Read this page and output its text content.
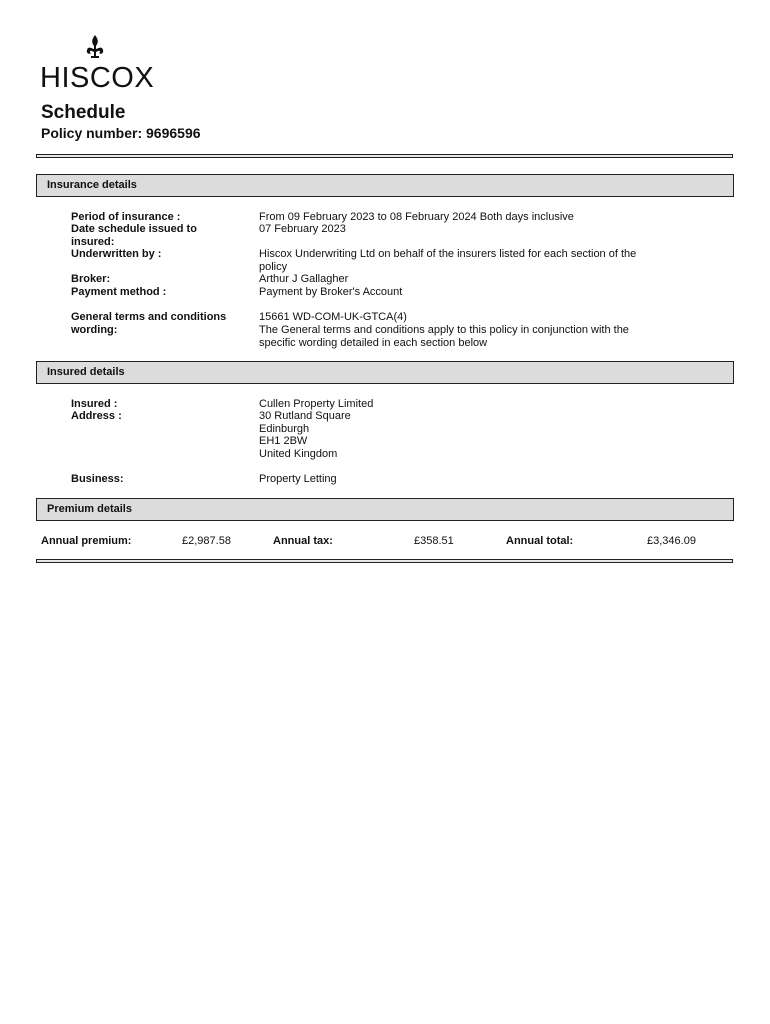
HISCOX
Schedule
Policy number: 9696596
Insurance details
Period of insurance :	From 09 February 2023 to 08 February 2024 Both days inclusive
Date schedule issued to insured:
07 February 2023
Underwritten by :	Hiscox Underwriting Ltd on behalf of the insurers listed for each section of the policy
Broker:	Arthur J Gallagher
Payment method :	Payment by Broker's Account
General terms and conditions wording:
15661 WD-COM-UK-GTCA(4)
The General terms and conditions apply to this policy in conjunction with the specific wording detailed in each section below
Insured details
Insured :	Cullen Property Limited
Address :	30 Rutland Square
Edinburgh
EH1 2BW
United Kingdom
Business:	Property Letting
Premium details
Annual premium:	£2,987.58	Annual tax:	£358.51	Annual total:	£3,346.09
